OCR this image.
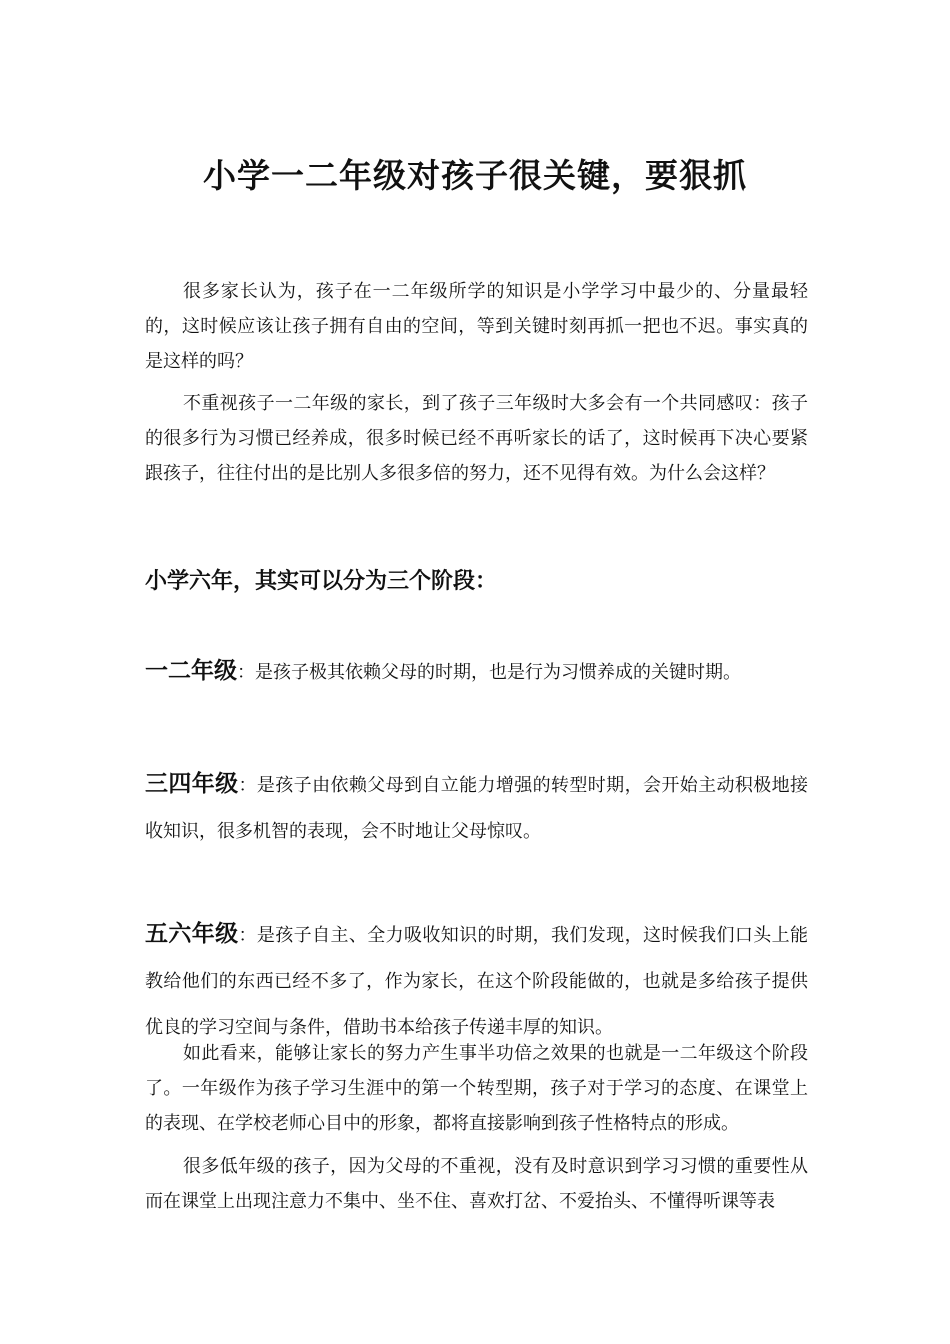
小学一二年级对孩子很关键，要狠抓

很多家长认为，孩子在一二年级所学的知识是小学学习中最少的、分量最轻的，这时候应该让孩子拥有自由的空间，等到关键时刻再抓一把也不迟。事实真的是这样的吗？

不重视孩子一二年级的家长，到了孩子三年级时大多会有一个共同感叹：孩子的很多行为习惯已经养成，很多时候已经不再听家长的话了，这时候再下决心要紧跟孩子，往往付出的是比别人多很多倍的努力，还不见得有效。为什么会这样？

小学六年，其实可以分为三个阶段：

一二年级：是孩子极其依赖父母的时期，也是行为习惯养成的关键时期。

三四年级：是孩子由依赖父母到自立能力增强的转型时期，会开始主动积极地接收知识，很多机智的表现，会不时地让父母惊叹。

五六年级：是孩子自主、全力吸收知识的时期，我们发现，这时候我们口头上能教给他们的东西已经不多了，作为家长，在这个阶段能做的，也就是多给孩子提供优良的学习空间与条件，借助书本给孩子传递丰厚的知识。

如此看来，能够让家长的努力产生事半功倍之效果的也就是一二年级这个阶段了。一年级作为孩子学习生涯中的第一个转型期，孩子对于学习的态度、在课堂上的表现、在学校老师心目中的形象，都将直接影响到孩子性格特点的形成。

很多低年级的孩子，因为父母的不重视，没有及时意识到学习习惯的重要性从而在课堂上出现注意力不集中、坐不住、喜欢打岔、不爱抬头、不懂得听课等表
